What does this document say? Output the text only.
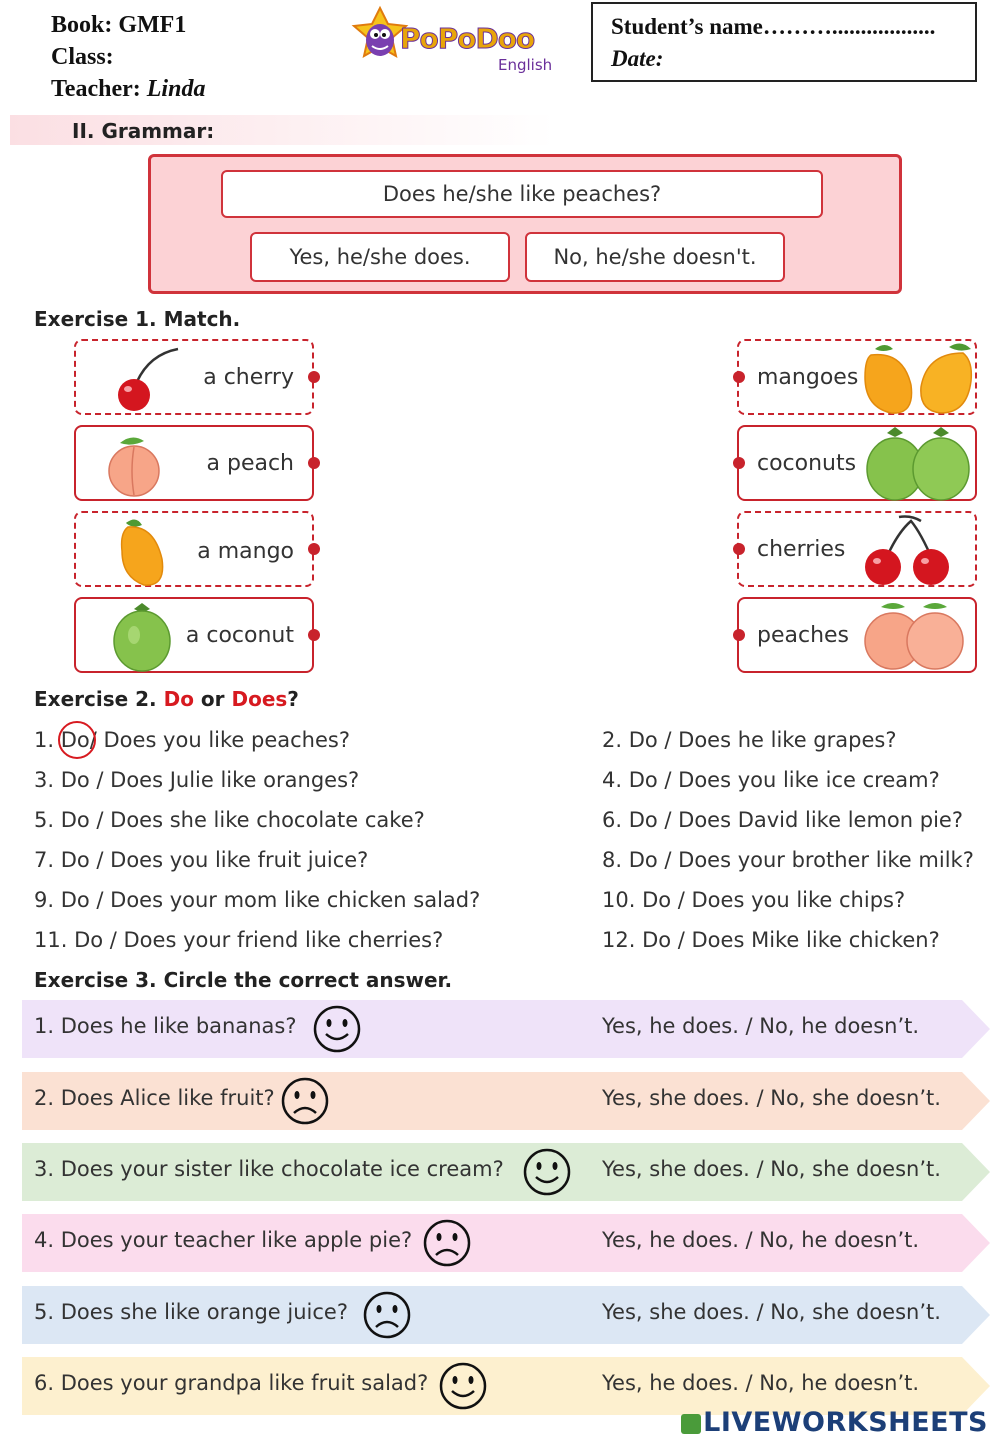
Book: GMF1
Class:
Teacher: Linda
PoPoDoo
English
Student’s name………..................
Date:
II. Grammar:
Does he/she like peaches?
Yes, he/she does.	No, he/she doesn't.
Exercise 1. Match.
a cherry
a peach
a mango
a coconut
mangoes
coconuts
cherries
peaches
Exercise 2. Do or Does?
1. Do
/ Does you like peaches?	2. Do / Does he like grapes?
3. Do / Does Julie like oranges?	4. Do / Does you like ice cream?
5. Do / Does she like chocolate cake?	6. Do / Does David like lemon pie?
7. Do / Does you like fruit juice?	8. Do / Does your brother like milk?
9. Do / Does your mom like chicken salad?	10. Do / Does you like chips?
11. Do / Does your friend like cherries?	12. Do / Does Mike like chicken?
Exercise 3. Circle the correct answer.
1. Does he like bananas?	Yes, he does. / No, he doesn’t.
2. Does Alice like fruit?	Yes, she does. / No, she doesn’t.
3. Does your sister like chocolate ice cream?	Yes, she does. / No, she doesn’t.
4. Does your teacher like apple pie?	Yes, he does. / No, he doesn’t.
5. Does she like orange juice?	Yes, she does. / No, she doesn’t.
6. Does your grandpa like fruit salad?	Yes, he does. / No, he doesn’t.
LIVEWORKSHEETS
